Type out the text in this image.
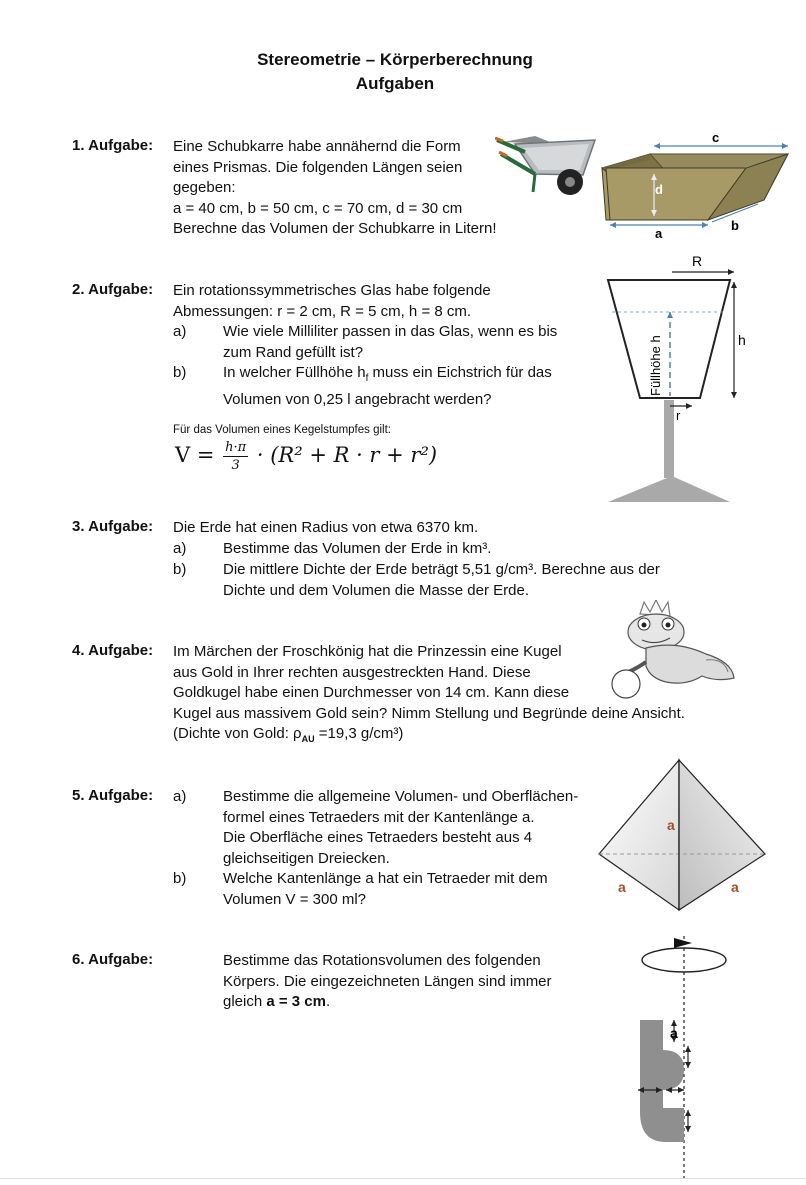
Stereometrie – Körperberechnung
Aufgaben
1. Aufgabe: Eine Schubkarre habe annähernd die Form
eines Prismas. Die folgenden Längen seien
gegeben:
a = 40 cm, b = 50 cm, c = 70 cm, d = 30 cm
Berechne das Volumen der Schubkarre in Litern!
c
d
a
b
2. Aufgabe: Ein rotationssymmetrisches Glas habe folgende
Abmessungen: r = 2 cm, R = 5 cm, h = 8 cm.
a) Wie viele Milliliter passen in das Glas, wenn es bis
zum Rand gefüllt ist?
b) In welcher Füllhöhe $h_f$ muss ein Eichstrich für das
Volumen von 0,25 l angebracht werden?
Für das Volumen eines Kegelstumpfes gilt:
$V = \frac{h\cdot\pi}{3} \cdot (R^2 + R \cdot r + r^2)$
R
h
Füllhöhe h
r
3. Aufgabe: Die Erde hat einen Radius von etwa 6370 km.
a) Bestimme das Volumen der Erde in km³.
b) Die mittlere Dichte der Erde beträgt 5,51 g/cm³. Berechne aus der
Dichte und dem Volumen die Masse der Erde.
4. Aufgabe: Im Märchen der Froschkönig hat die Prinzessin eine Kugel
aus Gold in Ihrer rechten ausgestreckten Hand. Diese
Goldkugel habe einen Durchmesser von 14 cm. Kann diese
Kugel aus massivem Gold sein? Nimm Stellung und Begründe deine Ansicht.
(Dichte von Gold: $\rho_{AU} =19,3$ g/cm³)
5. Aufgabe: a) Bestimme die allgemeine Volumen- und Oberflächen-
formel eines Tetraeders mit der Kantenlänge a.
Die Oberfläche eines Tetraeders besteht aus 4
gleichseitigen Dreiecken.
b) Welche Kantenlänge a hat ein Tetraeder mit dem
Volumen V = 300 ml?
a
a	a
6. Aufgabe:	Bestimme das Rotationsvolumen des folgenden
Körpers. Die eingezeichneten Längen sind immer
gleich a = 3 cm.
a
